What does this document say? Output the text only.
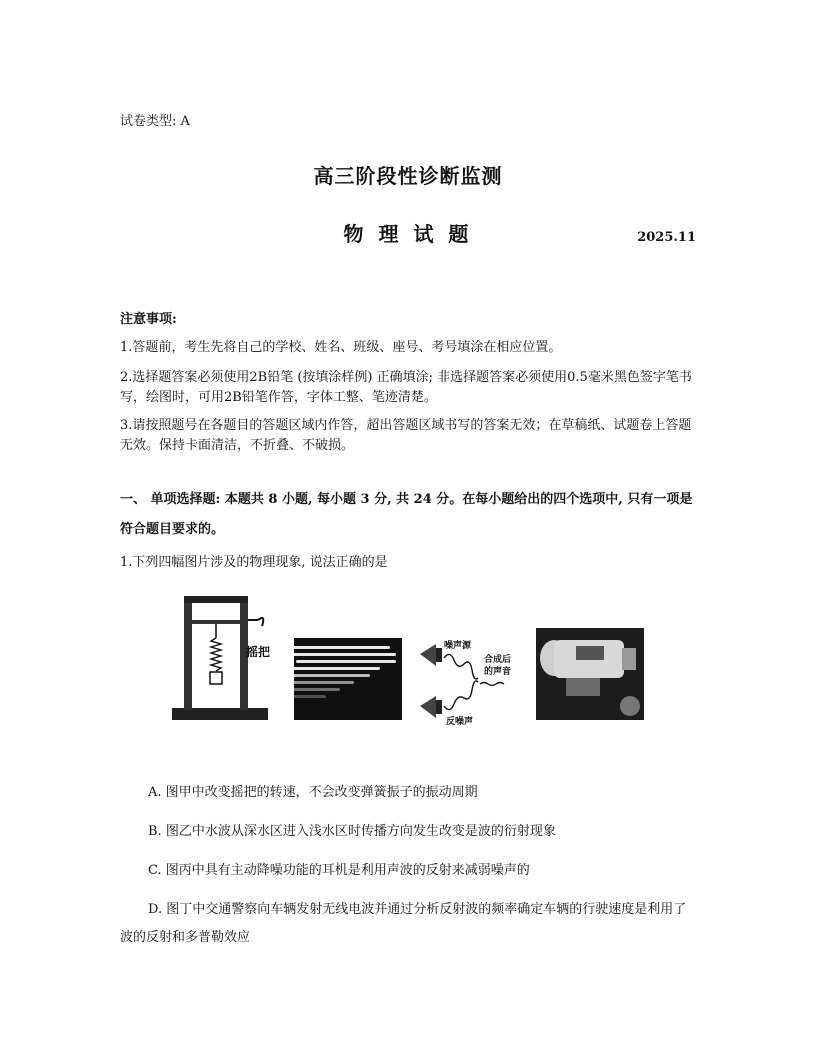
试卷类型: A
高三阶段性诊断监测
物 理 试 题	2025.11
注意事项:
1.答题前，考生先将自己的学校、姓名、班级、座号、考号填涂在相应位置。
2.选择题答案必须使用2B铅笔 (按填涂样例) 正确填涂; 非选择题答案必须使用0.5毫米黑色签字笔书写，绘图时，可用2B铅笔作答，字体工整、笔迹清楚。
3.请按照题号在各题目的答题区域内作答，超出答题区域书写的答案无效；在草稿纸、试题卷上答题无效。保持卡面清洁，不折叠、不破损。
一、 单项选择题: 本题共 8 小题, 每小题 3 分, 共 24 分。在每小题给出的四个选项中, 只有一项是符合题目要求的。
1.下列四幅图片涉及的物理现象, 说法正确的是
摇把	噪声源
反噪声
合成后
的声音
A. 图甲中改变摇把的转速，不会改变弹簧振子的振动周期
B. 图乙中水波从深水区进入浅水区时传播方向发生改变是波的衍射现象
C. 图丙中具有主动降噪功能的耳机是利用声波的反射来减弱噪声的
D. 图丁中交通警察向车辆发射无线电波并通过分析反射波的频率确定车辆的行驶速度是利用了波的反射和多普勒效应
